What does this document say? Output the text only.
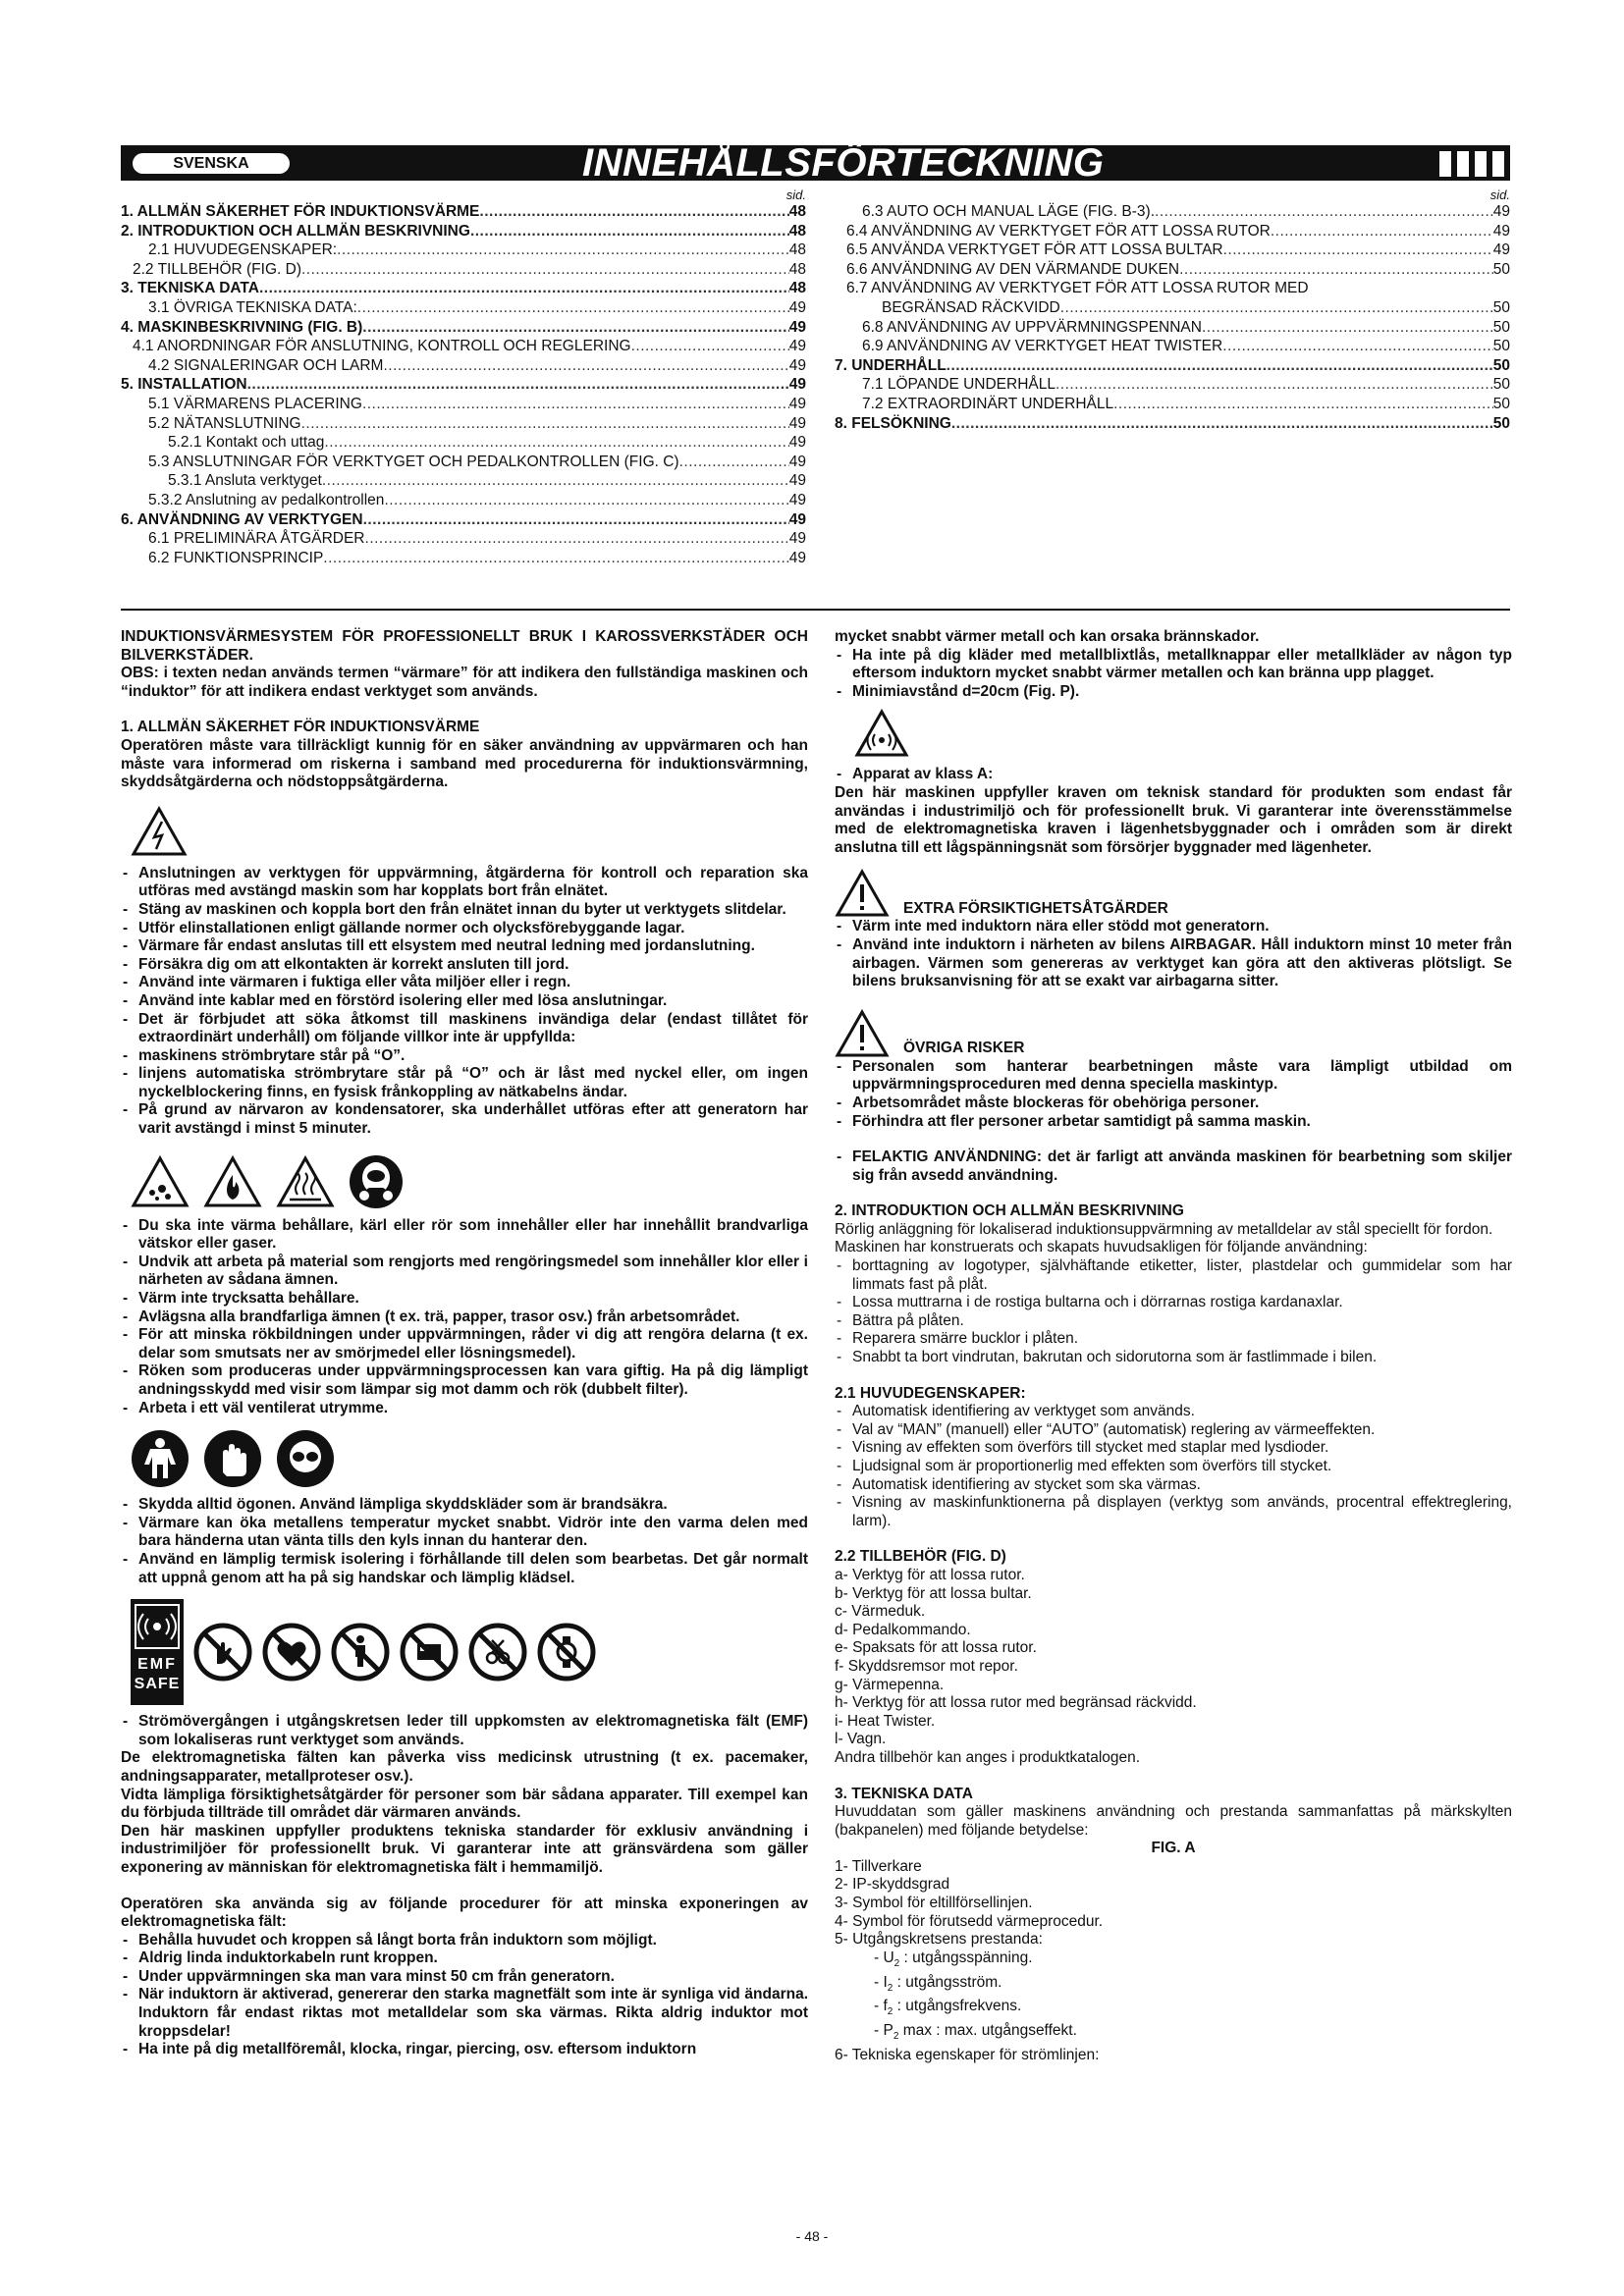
SVENSKA	INNEHÅLLSFÖRTECKNING
sid.
1. ALLMÄN SÄKERHET FÖR INDUKTIONSVÄRME .....	48
2. INTRODUKTION OCH ALLMÄN BESKRIVNING .....	48
2.1 HUVUDEGENSKAPER: .....	48
2.2 TILLBEHÖR (FIG. D) .....	48
3. TEKNISKA DATA .....	48
3.1 ÖVRIGA TEKNISKA DATA: .....	49
4. MASKINBESKRIVNING (FIG. B) .....	49
4.1 ANORDNINGAR FÖR ANSLUTNING, KONTROLL OCH REGLERING .....	49
4.2 SIGNALERINGAR OCH LARM .....	49
5. INSTALLATION .....	49
5.1 VÄRMARENS PLACERING .....	49
5.2 NÄTANSLUTNING .....	49
5.2.1 Kontakt och uttag .....	49
5.3 ANSLUTNINGAR FÖR VERKTYGET OCH PEDALKONTROLLEN (FIG. C) .....	49
5.3.1 Ansluta verktyget .....	49
5.3.2 Anslutning av pedalkontrollen .....	49
6. ANVÄNDNING AV VERKTYGEN .....	49
6.1 PRELIMINÄRA ÅTGÄRDER .....	49
6.2 FUNKTIONSPRINCIP .....	49
sid.
6.3 AUTO OCH MANUAL LÄGE (FIG. B-3). .....	49
6.4 ANVÄNDNING AV VERKTYGET FÖR ATT LOSSA RUTOR .....	49
6.5 ANVÄNDA VERKTYGET FÖR ATT LOSSA BULTAR .....	49
6.6 ANVÄNDNING AV DEN VÄRMANDE DUKEN .....	50
6.7 ANVÄNDNING AV VERKTYGET FÖR ATT LOSSA RUTOR MED
BEGRÄNSAD RÄCKVIDD .....	50
6.8 ANVÄNDNING AV UPPVÄRMNINGSPENNAN .....	50
6.9 ANVÄNDNING AV VERKTYGET HEAT TWISTER .....	50
7. UNDERHÅLL .....	50
7.1 LÖPANDE UNDERHÅLL .....	50
7.2 EXTRAORDINÄRT UNDERHÅLL .....	50
8. FELSÖKNING .....	50

INDUKTIONSVÄRMESYSTEM FÖR PROFESSIONELLT BRUK I KAROSSVERKSTÄDER OCH BILVERKSTÄDER.

OBS: i texten nedan används termen “värmare” för att indikera den fullständiga maskinen och “induktor” för att indikera endast verktyget som används.

1. ALLMÄN SÄKERHET FÖR INDUKTIONSVÄRME

Operatören måste vara tillräckligt kunnig för en säker användning av uppvärmaren och han måste vara informerad om riskerna i samband med procedurerna för induktionsvärmning, skyddsåtgärderna och nödstoppsåtgärderna.

- Anslutningen av verktygen för uppvärmning, åtgärderna för kontroll och reparation ska utföras med avstängd maskin som har kopplats bort från elnätet.
- Stäng av maskinen och koppla bort den från elnätet innan du byter ut verktygets slitdelar.
- Utför elinstallationen enligt gällande normer och olycksförebyggande lagar.
- Värmare får endast anslutas till ett elsystem med neutral ledning med jordanslutning.
- Försäkra dig om att elkontakten är korrekt ansluten till jord.
- Använd inte värmaren i fuktiga eller våta miljöer eller i regn.
- Använd inte kablar med en förstörd isolering eller med lösa anslutningar.
- Det är förbjudet att söka åtkomst till maskinens invändiga delar (endast tillåtet för extraordinärt underhåll) om följande villkor inte är uppfyllda:
- maskinens strömbrytare står på “O”.
- linjens automatiska strömbrytare står på “O” och är låst med nyckel eller, om ingen nyckelblockering finns, en fysisk frånkoppling av nätkabelns ändar.
- På grund av närvaron av kondensatorer, ska underhållet utföras efter att generatorn har varit avstängd i minst 5 minuter.
- Du ska inte värma behållare, kärl eller rör som innehåller eller har innehållit brandvarliga vätskor eller gaser.
- Undvik att arbeta på material som rengjorts med rengöringsmedel som innehåller klor eller i närheten av sådana ämnen.
- Värm inte trycksatta behållare.
- Avlägsna alla brandfarliga ämnen (t ex. trä, papper, trasor osv.) från arbetsområdet.
- För att minska rökbildningen under uppvärmningen, råder vi dig att rengöra delarna (t ex. delar som smutsats ner av smörjmedel eller lösningsmedel).
- Röken som produceras under uppvärmningsprocessen kan vara giftig. Ha på dig lämpligt andningsskydd med visir som lämpar sig mot damm och rök (dubbelt filter).
- Arbeta i ett väl ventilerat utrymme.
- Skydda alltid ögonen. Använd lämpliga skyddskläder som är brandsäkra.
- Värmare kan öka metallens temperatur mycket snabbt. Vidrör inte den varma delen med bara händerna utan vänta tills den kyls innan du hanterar den.
- Använd en lämplig termisk isolering i förhållande till delen som bearbetas. Det går normalt att uppnå genom att ha på sig handskar och lämplig klädsel.
EMF
SAFE
- Strömövergången i utgångskretsen leder till uppkomsten av elektromagnetiska fält (EMF) som lokaliseras runt verktyget som används.

De elektromagnetiska fälten kan påverka viss medicinsk utrustning (t ex. pacemaker, andningsapparater, metallproteser osv.).

Vidta lämpliga försiktighetsåtgärder för personer som bär sådana apparater. Till exempel kan du förbjuda tillträde till området där värmaren används.

Den här maskinen uppfyller produktens tekniska standarder för exklusiv användning i industrimiljöer för professionellt bruk. Vi garanterar inte att gränsvärdena som gäller exponering av människan för elektromagnetiska fält i hemmamiljö.

Operatören ska använda sig av följande procedurer för att minska exponeringen av elektromagnetiska fält:

- Behålla huvudet och kroppen så långt borta från induktorn som möjligt.
- Aldrig linda induktorkabeln runt kroppen.
- Under uppvärmningen ska man vara minst 50 cm från generatorn.
- När induktorn är aktiverad, genererar den starka magnetfält som inte är synliga vid ändarna. Induktorn får endast riktas mot metalldelar som ska värmas. Rikta aldrig induktor mot kroppsdelar!
- Ha inte på dig metallföremål, klocka, ringar, piercing, osv. eftersom induktorn

mycket snabbt värmer metall och kan orsaka brännskador.

- Ha inte på dig kläder med metallblixtlås, metallknappar eller metallkläder av någon typ eftersom induktorn mycket snabbt värmer metallen och kan bränna upp plagget.
- Minimiavstånd d=20cm (Fig. P).
- Apparat av klass A:

Den här maskinen uppfyller kraven om teknisk standard för produkten som endast får användas i industrimiljö och för professionellt bruk. Vi garanterar inte överensstämmelse med de elektromagnetiska kraven i lägenhetsbyggnader och i områden som är direkt anslutna till ett lågspänningsnät som försörjer byggnader med lägenheter.

EXTRA FÖRSIKTIGHETSÅTGÄRDER
- Värm inte med induktorn nära eller stödd mot generatorn.
- Använd inte induktorn i närheten av bilens AIRBAGAR. Håll induktorn minst 10 meter från airbagen. Värmen som genereras av verktyget kan göra att den aktiveras plötsligt. Se bilens bruksanvisning för att se exakt var airbagarna sitter.
ÖVRIGA RISKER
- Personalen som hanterar bearbetningen måste vara lämpligt utbildad om uppvärmningsproceduren med denna speciella maskintyp.
- Arbetsområdet måste blockeras för obehöriga personer.
- Förhindra att fler personer arbetar samtidigt på samma maskin.
- FELAKTIG ANVÄNDNING: det är farligt att använda maskinen för bearbetning som skiljer sig från avsedd användning.

2. INTRODUKTION OCH ALLMÄN BESKRIVNING

Rörlig anläggning för lokaliserad induktionsuppvärmning av metalldelar av stål speciellt för fordon.

Maskinen har konstruerats och skapats huvudsakligen för följande användning:

- borttagning av logotyper, självhäftande etiketter, lister, plastdelar och gummidelar som har limmats fast på plåt.
- Lossa muttrarna i de rostiga bultarna och i dörrarnas rostiga kardanaxlar.
- Bättra på plåten.
- Reparera smärre bucklor i plåten.
- Snabbt ta bort vindrutan, bakrutan och sidorutorna som är fastlimmade i bilen.

2.1 HUVUDEGENSKAPER:

- Automatisk identifiering av verktyget som används.
- Val av “MAN” (manuell) eller “AUTO” (automatisk) reglering av värmeeffekten.
- Visning av effekten som överförs till stycket med staplar med lysdioder.
- Ljudsignal som är proportionerlig med effekten som överförs till stycket.
- Automatisk identifiering av stycket som ska värmas.
- Visning av maskinfunktionerna på displayen (verktyg som används, procentral effektreglering, larm).

2.2 TILLBEHÖR (FIG. D)

a- Verktyg för att lossa rutor.

b- Verktyg för att lossa bultar.

c- Värmeduk.

d- Pedalkommando.

e- Spaksats för att lossa rutor.

f- Skyddsremsor mot repor.

g- Värmepenna.

h- Verktyg för att lossa rutor med begränsad räckvidd.

i- Heat Twister.

l- Vagn.

Andra tillbehör kan anges i produktkatalogen.

3. TEKNISKA DATA

Huvuddatan som gäller maskinens användning och prestanda sammanfattas på märkskylten (bakpanelen) med följande betydelse:

FIG. A

1- Tillverkare

2- IP-skyddsgrad

3- Symbol för eltillförsellinjen.

4- Symbol för förutsedd värmeprocedur.

5- Utgångskretsens prestanda:

- $U_2$ : utgångsspänning.

- $I_2$ : utgångsström.

- $f_2$ : utgångsfrekvens.

- $P_2$ max : max. utgångseffekt.

6- Tekniska egenskaper för strömlinjen:

- 48 -
